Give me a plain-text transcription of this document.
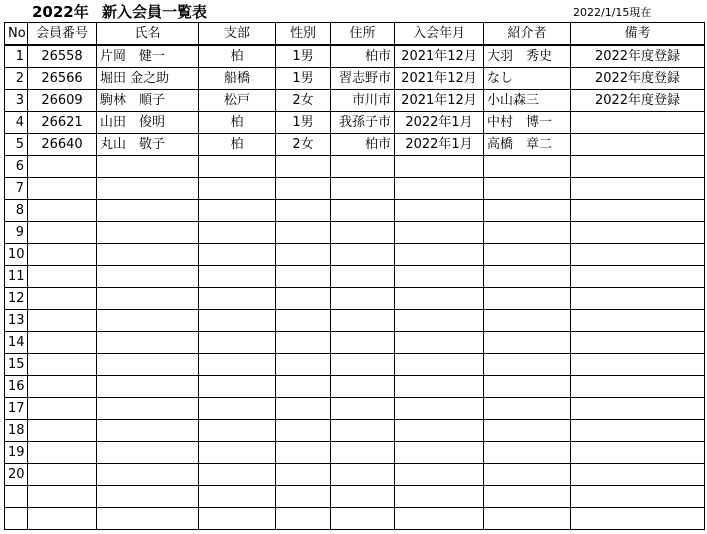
2022年 新入会員一覧表	2022/1/15現在
No	会員番号	氏名	支部	性別	住所	入会年月	紹介者	備考
1	26558	片岡　健一	柏	1男	柏市	2021年12月	大羽　秀史	2022年度登録
2	26566	堀田 金之助	船橋	1男	習志野市	2021年12月	なし	2022年度登録
3	26609	駒林　順子	松戸	2女	市川市	2021年12月	小山森三	2022年度登録
4	26621	山田　俊明	柏	1男	我孫子市	2022年1月	中村　博一	
5	26640	丸山　敬子	柏	2女	柏市	2022年1月	高橋　章二	
6								
7								
8								
9								
10								
11								
12								
13								
14								
15								
16								
17								
18								
19								
20								
